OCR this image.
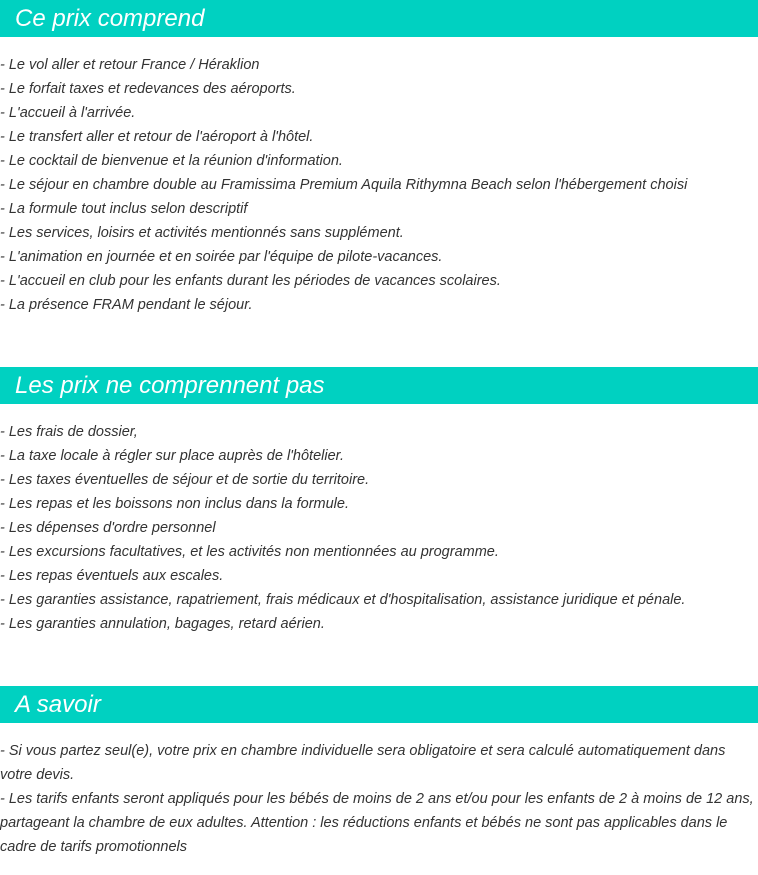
Ce prix comprend
- Le vol aller et retour France / Héraklion
- Le forfait taxes et redevances des aéroports.
- L'accueil à l'arrivée.
- Le transfert aller et retour de l'aéroport à l'hôtel.
- Le cocktail de bienvenue et la réunion d'information.
- Le séjour en chambre double au Framissima Premium Aquila Rithymna Beach selon l'hébergement choisi
- La formule tout inclus selon descriptif
- Les services, loisirs et activités mentionnés sans supplément.
- L'animation en journée et en soirée par l'équipe de pilote-vacances.
- L'accueil en club pour les enfants durant les périodes de vacances scolaires.
- La présence FRAM pendant le séjour.
Les prix ne comprennent pas
- Les frais de dossier,
- La taxe locale à régler sur place auprès de l'hôtelier.
- Les taxes éventuelles de séjour et de sortie du territoire.
- Les repas et les boissons non inclus dans la formule.
- Les dépenses d'ordre personnel
- Les excursions facultatives, et les activités non mentionnées au programme.
- Les repas éventuels aux escales.
- Les garanties assistance, rapatriement, frais médicaux et d'hospitalisation, assistance juridique et pénale.
- Les garanties annulation, bagages, retard aérien.
A savoir

- Si vous partez seul(e), votre prix en chambre individuelle sera obligatoire et sera calculé automatiquement dans votre devis.

- Les tarifs enfants seront appliqués pour les bébés de moins de 2 ans et/ou pour les enfants de 2 à moins de 12 ans, partageant la chambre de eux adultes. Attention : les réductions enfants et bébés ne sont pas applicables dans le cadre de tarifs promotionnels
